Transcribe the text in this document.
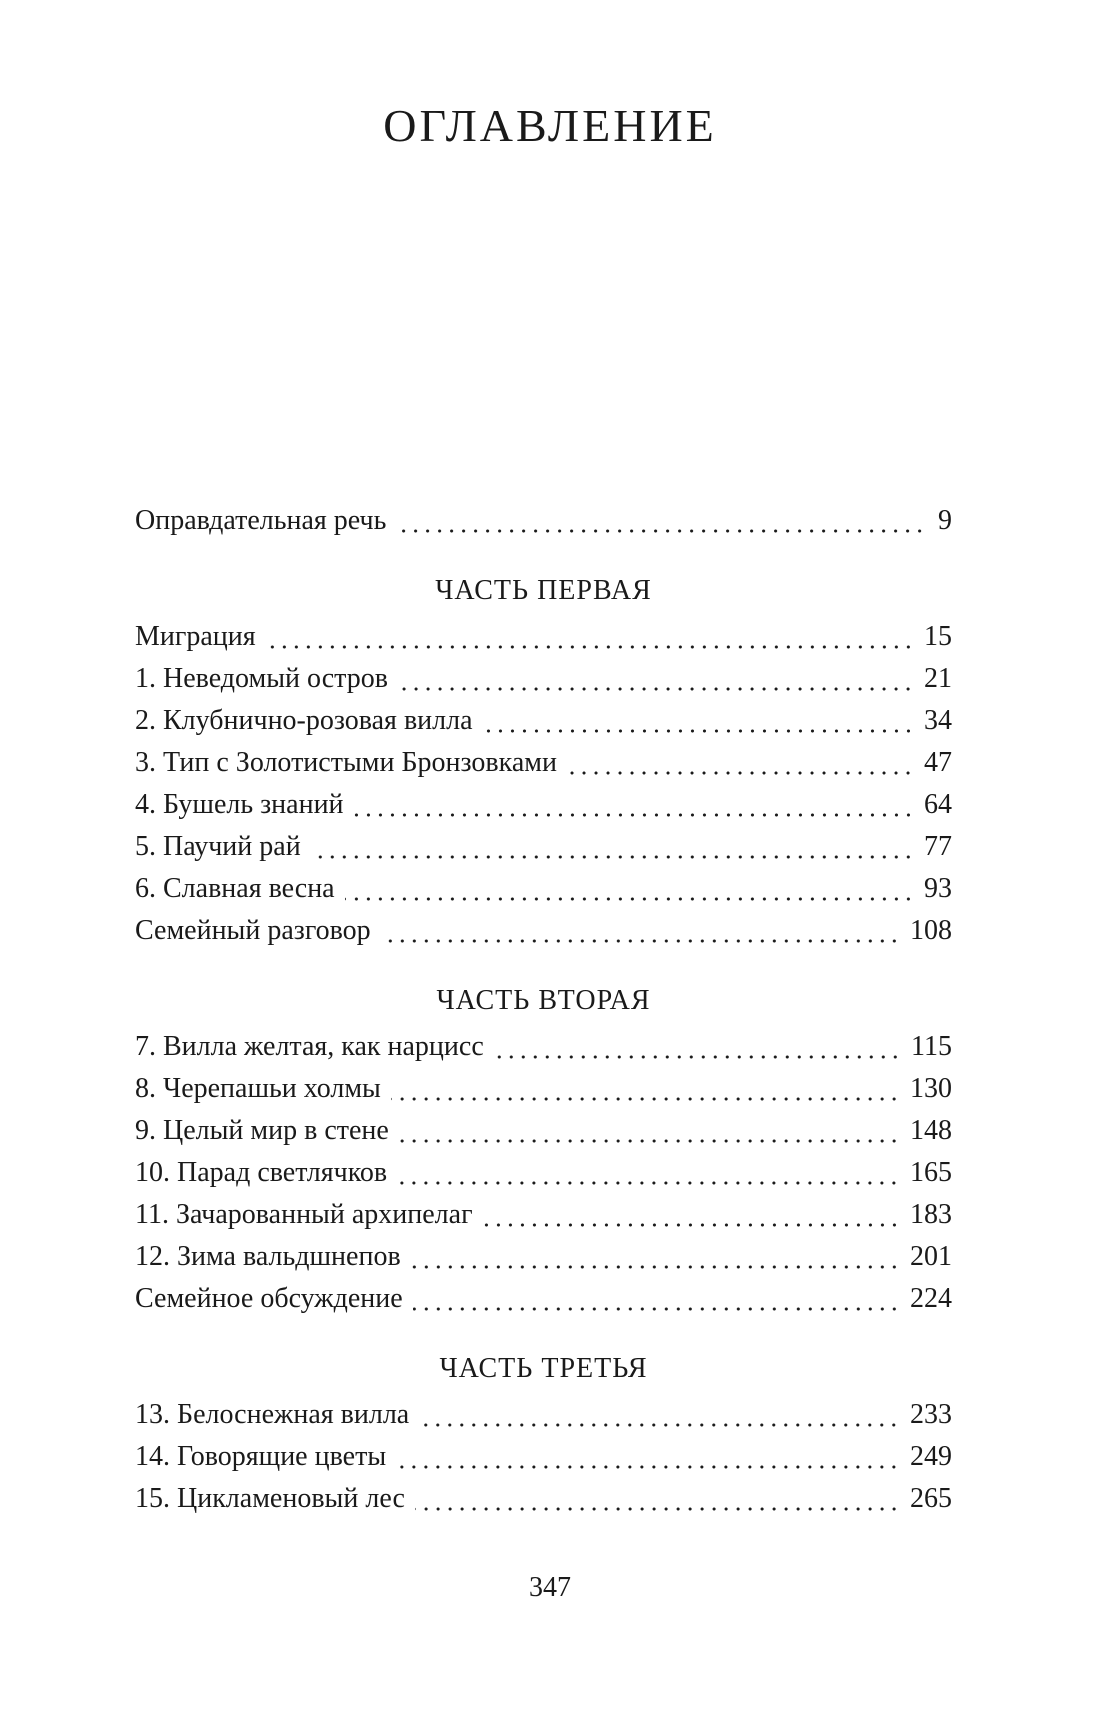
ОГЛАВЛЕНИЕ
Оправдательная речь	9
ЧАСТЬ ПЕРВАЯ
Миграция	15
1. Неведомый остров	21
2. Клубнично-розовая вилла	34
3. Тип с Золотистыми Бронзовками	47
4. Бушель знаний	64
5. Паучий рай	77
6. Славная весна	93
Семейный разговор	108
ЧАСТЬ ВТОРАЯ
7. Вилла желтая, как нарцисс	115
8. Черепашьи холмы	130
9. Целый мир в стене	148
10. Парад светлячков	165
11. Зачарованный архипелаг	183
12. Зима вальдшнепов	201
Семейное обсуждение	224
ЧАСТЬ ТРЕТЬЯ
13. Белоснежная вилла	233
14. Говорящие цветы	249
15. Цикламеновый лес	265
347
